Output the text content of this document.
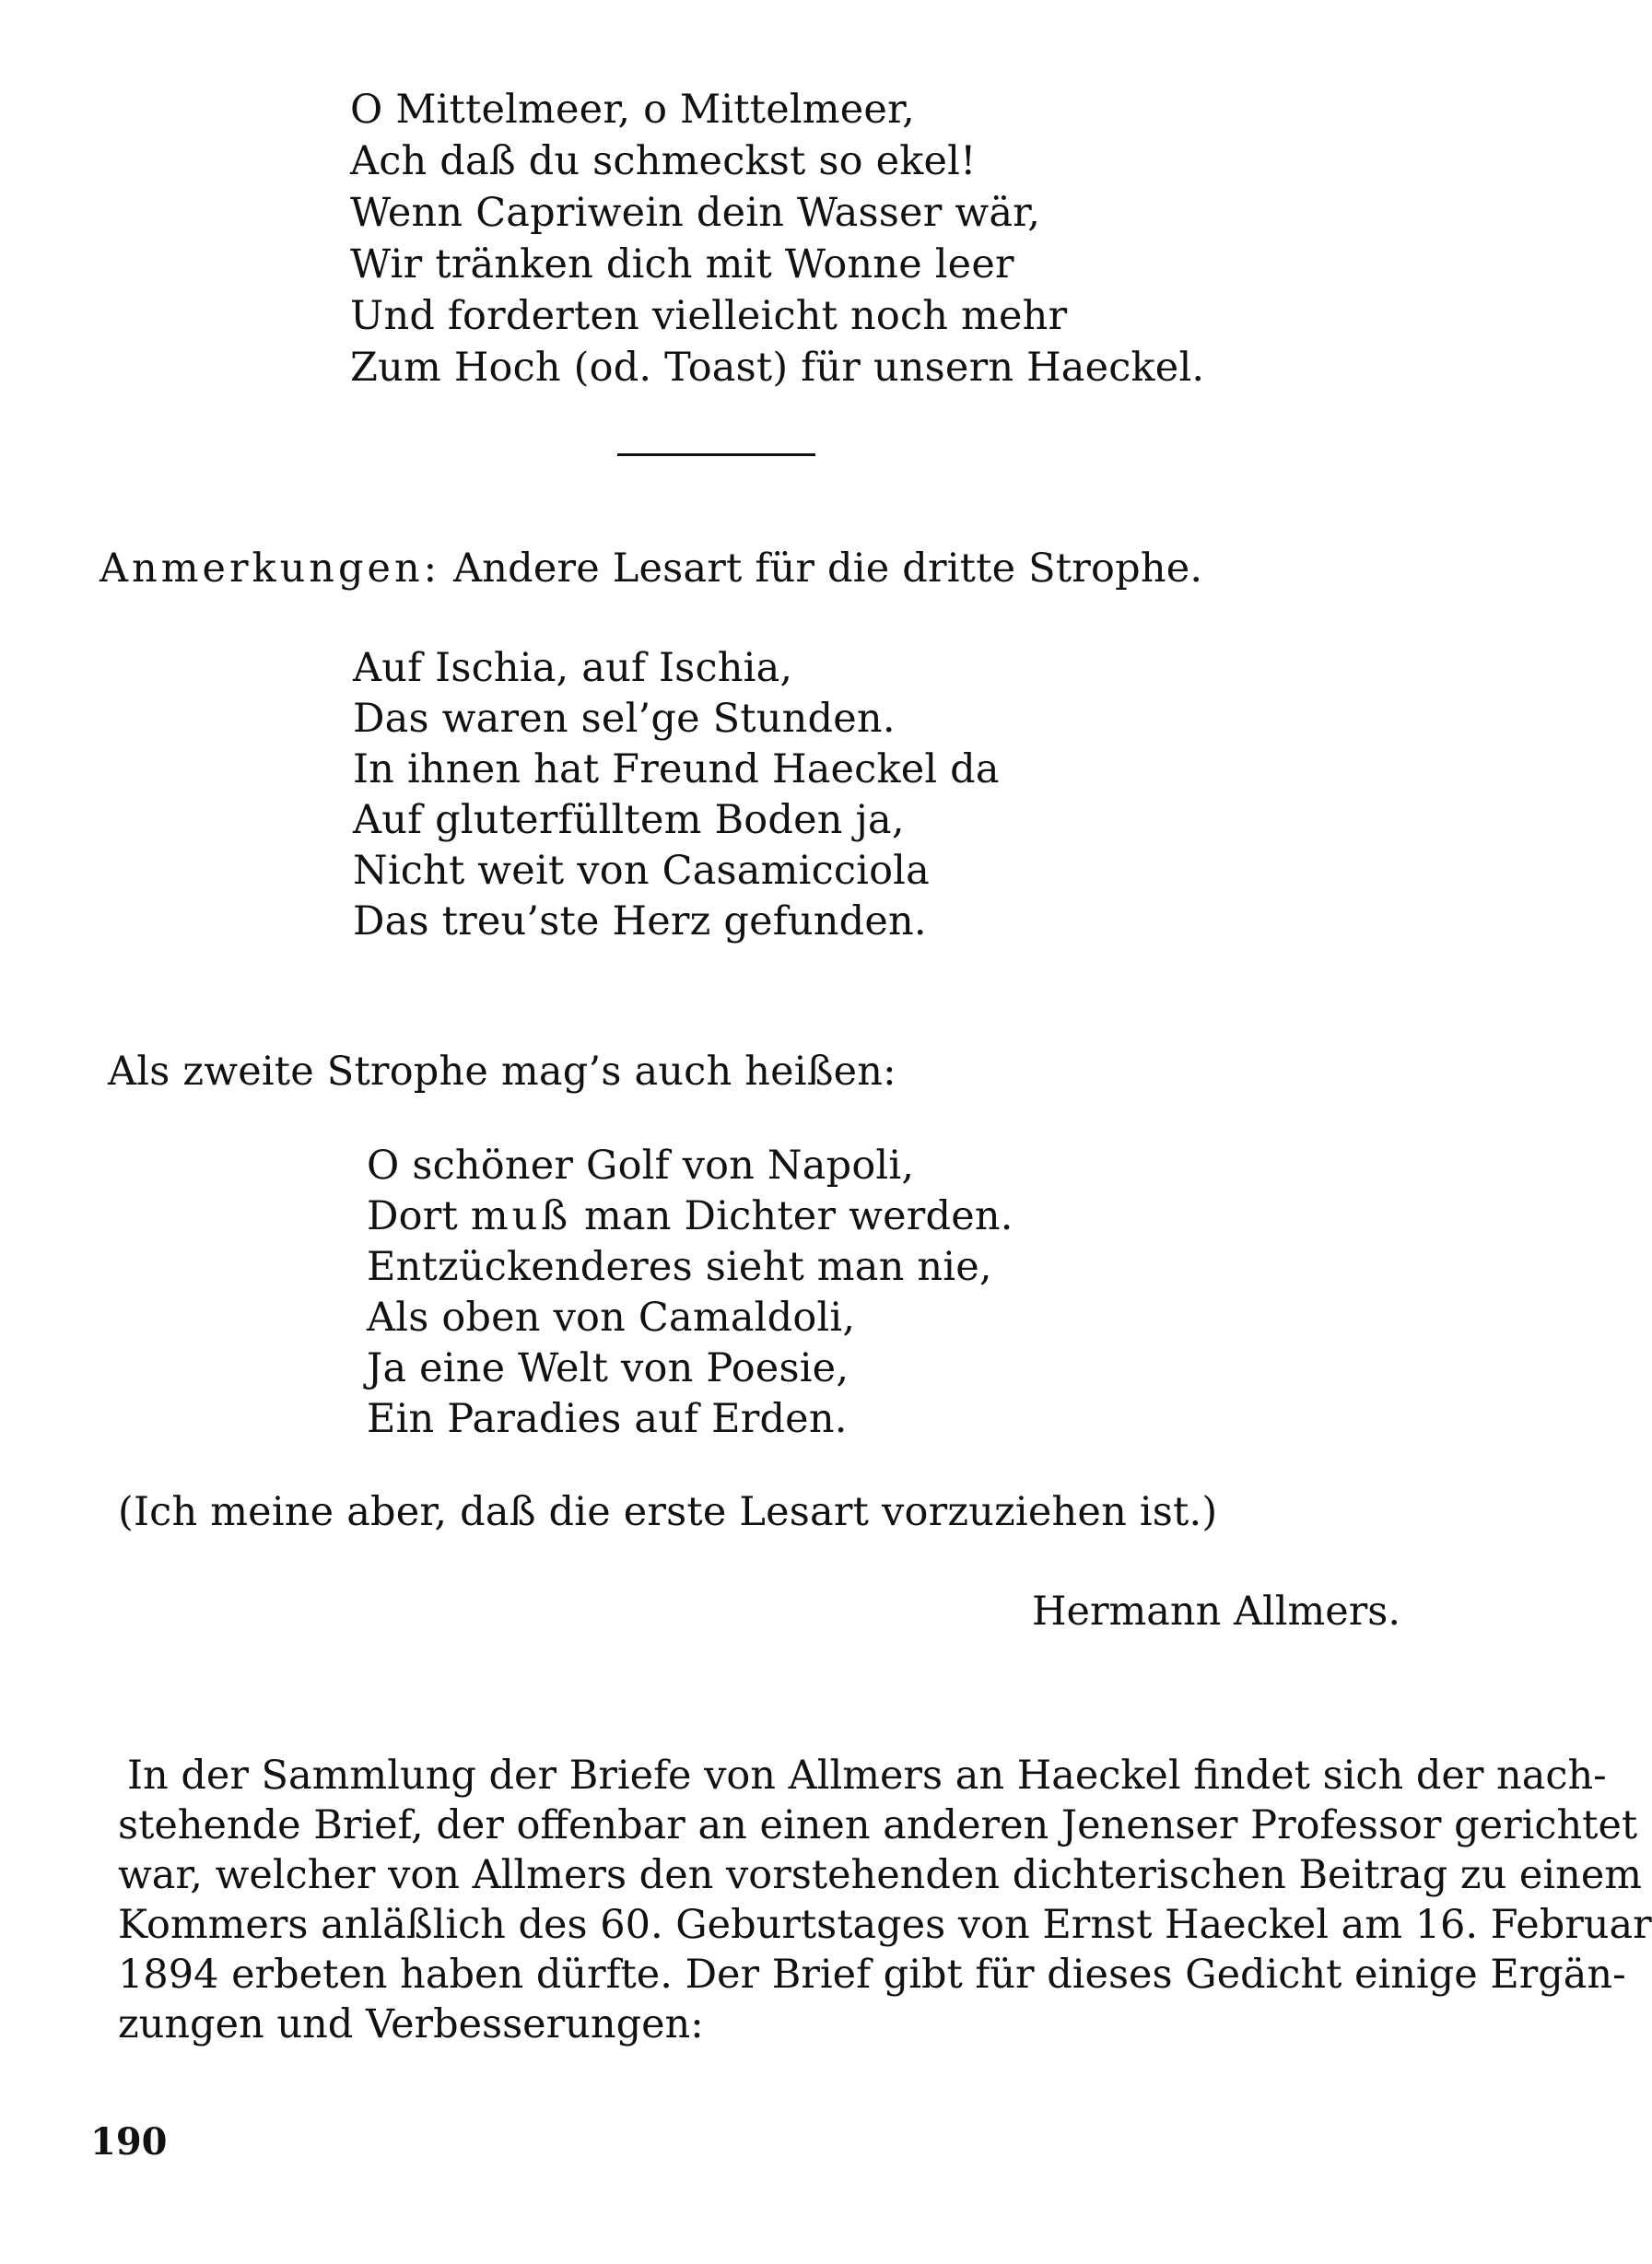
O Mittelmeer, o Mittelmeer,
Ach daß du schmeckst so ekel!
Wenn Capriwein dein Wasser wär,
Wir tränken dich mit Wonne leer
Und forderten vielleicht noch mehr
Zum Hoch (od. Toast) für unsern Haeckel.
Anmerkungen: Andere Lesart für die dritte Strophe.
Auf Ischia, auf Ischia,
Das waren sel’ge Stunden.
In ihnen hat Freund Haeckel da
Auf gluterfülltem Boden ja,
Nicht weit von Casamicciola
Das treu’ste Herz gefunden.
Als zweite Strophe mag’s auch heißen:
O schöner Golf von Napoli,
Dort muß man Dichter werden.
Entzückenderes sieht man nie,
Als oben von Camaldoli,
Ja eine Welt von Poesie,
Ein Paradies auf Erden.
(Ich meine aber, daß die erste Lesart vorzuziehen ist.)
Hermann Allmers.
In der Sammlung der Briefe von Allmers an Haeckel findet sich der nach-
stehende Brief, der offenbar an einen anderen Jenenser Professor gerichtet
war, welcher von Allmers den vorstehenden dichterischen Beitrag zu einem
Kommers anläßlich des 60. Geburtstages von Ernst Haeckel am 16. Februar
1894 erbeten haben dürfte. Der Brief gibt für dieses Gedicht einige Ergän-
zungen und Verbesserungen:
190
